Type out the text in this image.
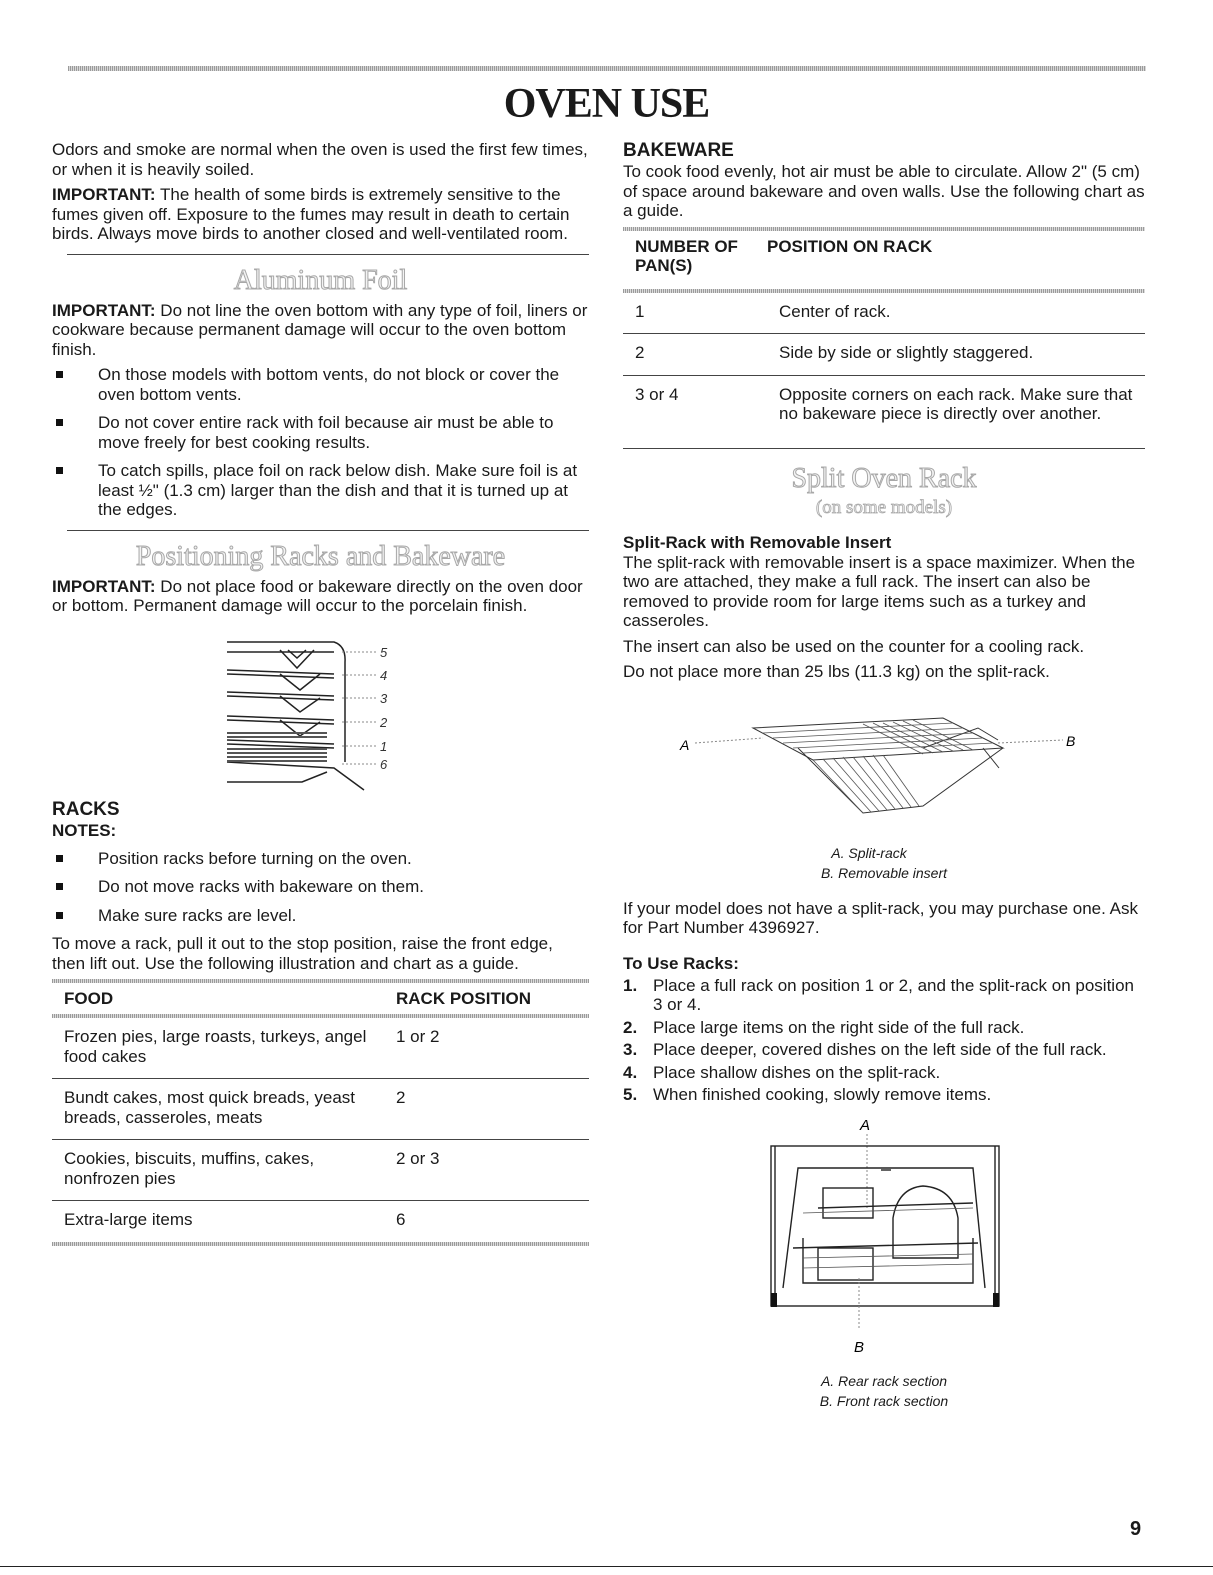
OVEN USE

Odors and smoke are normal when the oven is used the first few times, or when it is heavily soiled.

IMPORTANT: The health of some birds is extremely sensitive to the fumes given off. Exposure to the fumes may result in death to certain birds. Always move birds to another closed and well-ventilated room.

Aluminum Foil

IMPORTANT: Do not line the oven bottom with any type of foil, liners or cookware because permanent damage will occur to the oven bottom finish.

On those models with bottom vents, do not block or cover the oven bottom vents.
Do not cover entire rack with foil because air must be able to move freely for best cooking results.
To catch spills, place foil on rack below dish. Make sure foil is at least ½" (1.3 cm) larger than the dish and that it is turned up at the edges.
Positioning Racks and Bakeware

IMPORTANT: Do not place food or bakeware directly on the oven door or bottom. Permanent damage will occur to the porcelain finish.

5
4
3
2
1
6
RACKS
NOTES:
Position racks before turning on the oven.
Do not move racks with bakeware on them.
Make sure racks are level.

To move a rack, pull it out to the stop position, raise the front edge, then lift out. Use the following illustration and chart as a guide.

FOOD	RACK POSITION
Frozen pies, large roasts, turkeys, angel food cakes	1 or 2
Bundt cakes, most quick breads, yeast breads, casseroles, meats	2
Cookies, biscuits, muffins, cakes, nonfrozen pies	2 or 3
Extra-large items	6
BAKEWARE

To cook food evenly, hot air must be able to circulate. Allow 2" (5 cm) of space around bakeware and oven walls. Use the following chart as a guide.

NUMBER OF PAN(S)	POSITION ON RACK
1	Center of rack.
2	Side by side or slightly staggered.
3 or 4	Opposite corners on each rack. Make sure that no bakeware piece is directly over another.
Split Oven Rack
(on some models)
Split-Rack with Removable Insert

The split-rack with removable insert is a space maximizer. When the two are attached, they make a full rack. The insert can also be removed to provide room for large items such as a turkey and casseroles.

The insert can also be used on the counter for a cooling rack.

Do not place more than 25 lbs (11.3 kg) on the split-rack.

A	B
A. Split-rack
B. Removable insert

If your model does not have a split-rack, you may purchase one. Ask for Part Number 4396927.

To Use Racks:
1. Place a full rack on position 1 or 2, and the split-rack on position 3 or 4.
2. Place large items on the right side of the full rack.
3. Place deeper, covered dishes on the left side of the full rack.
4. Place shallow dishes on the split-rack.
5. When finished cooking, slowly remove items.
A
B
A. Rear rack section
B. Front rack section
9
